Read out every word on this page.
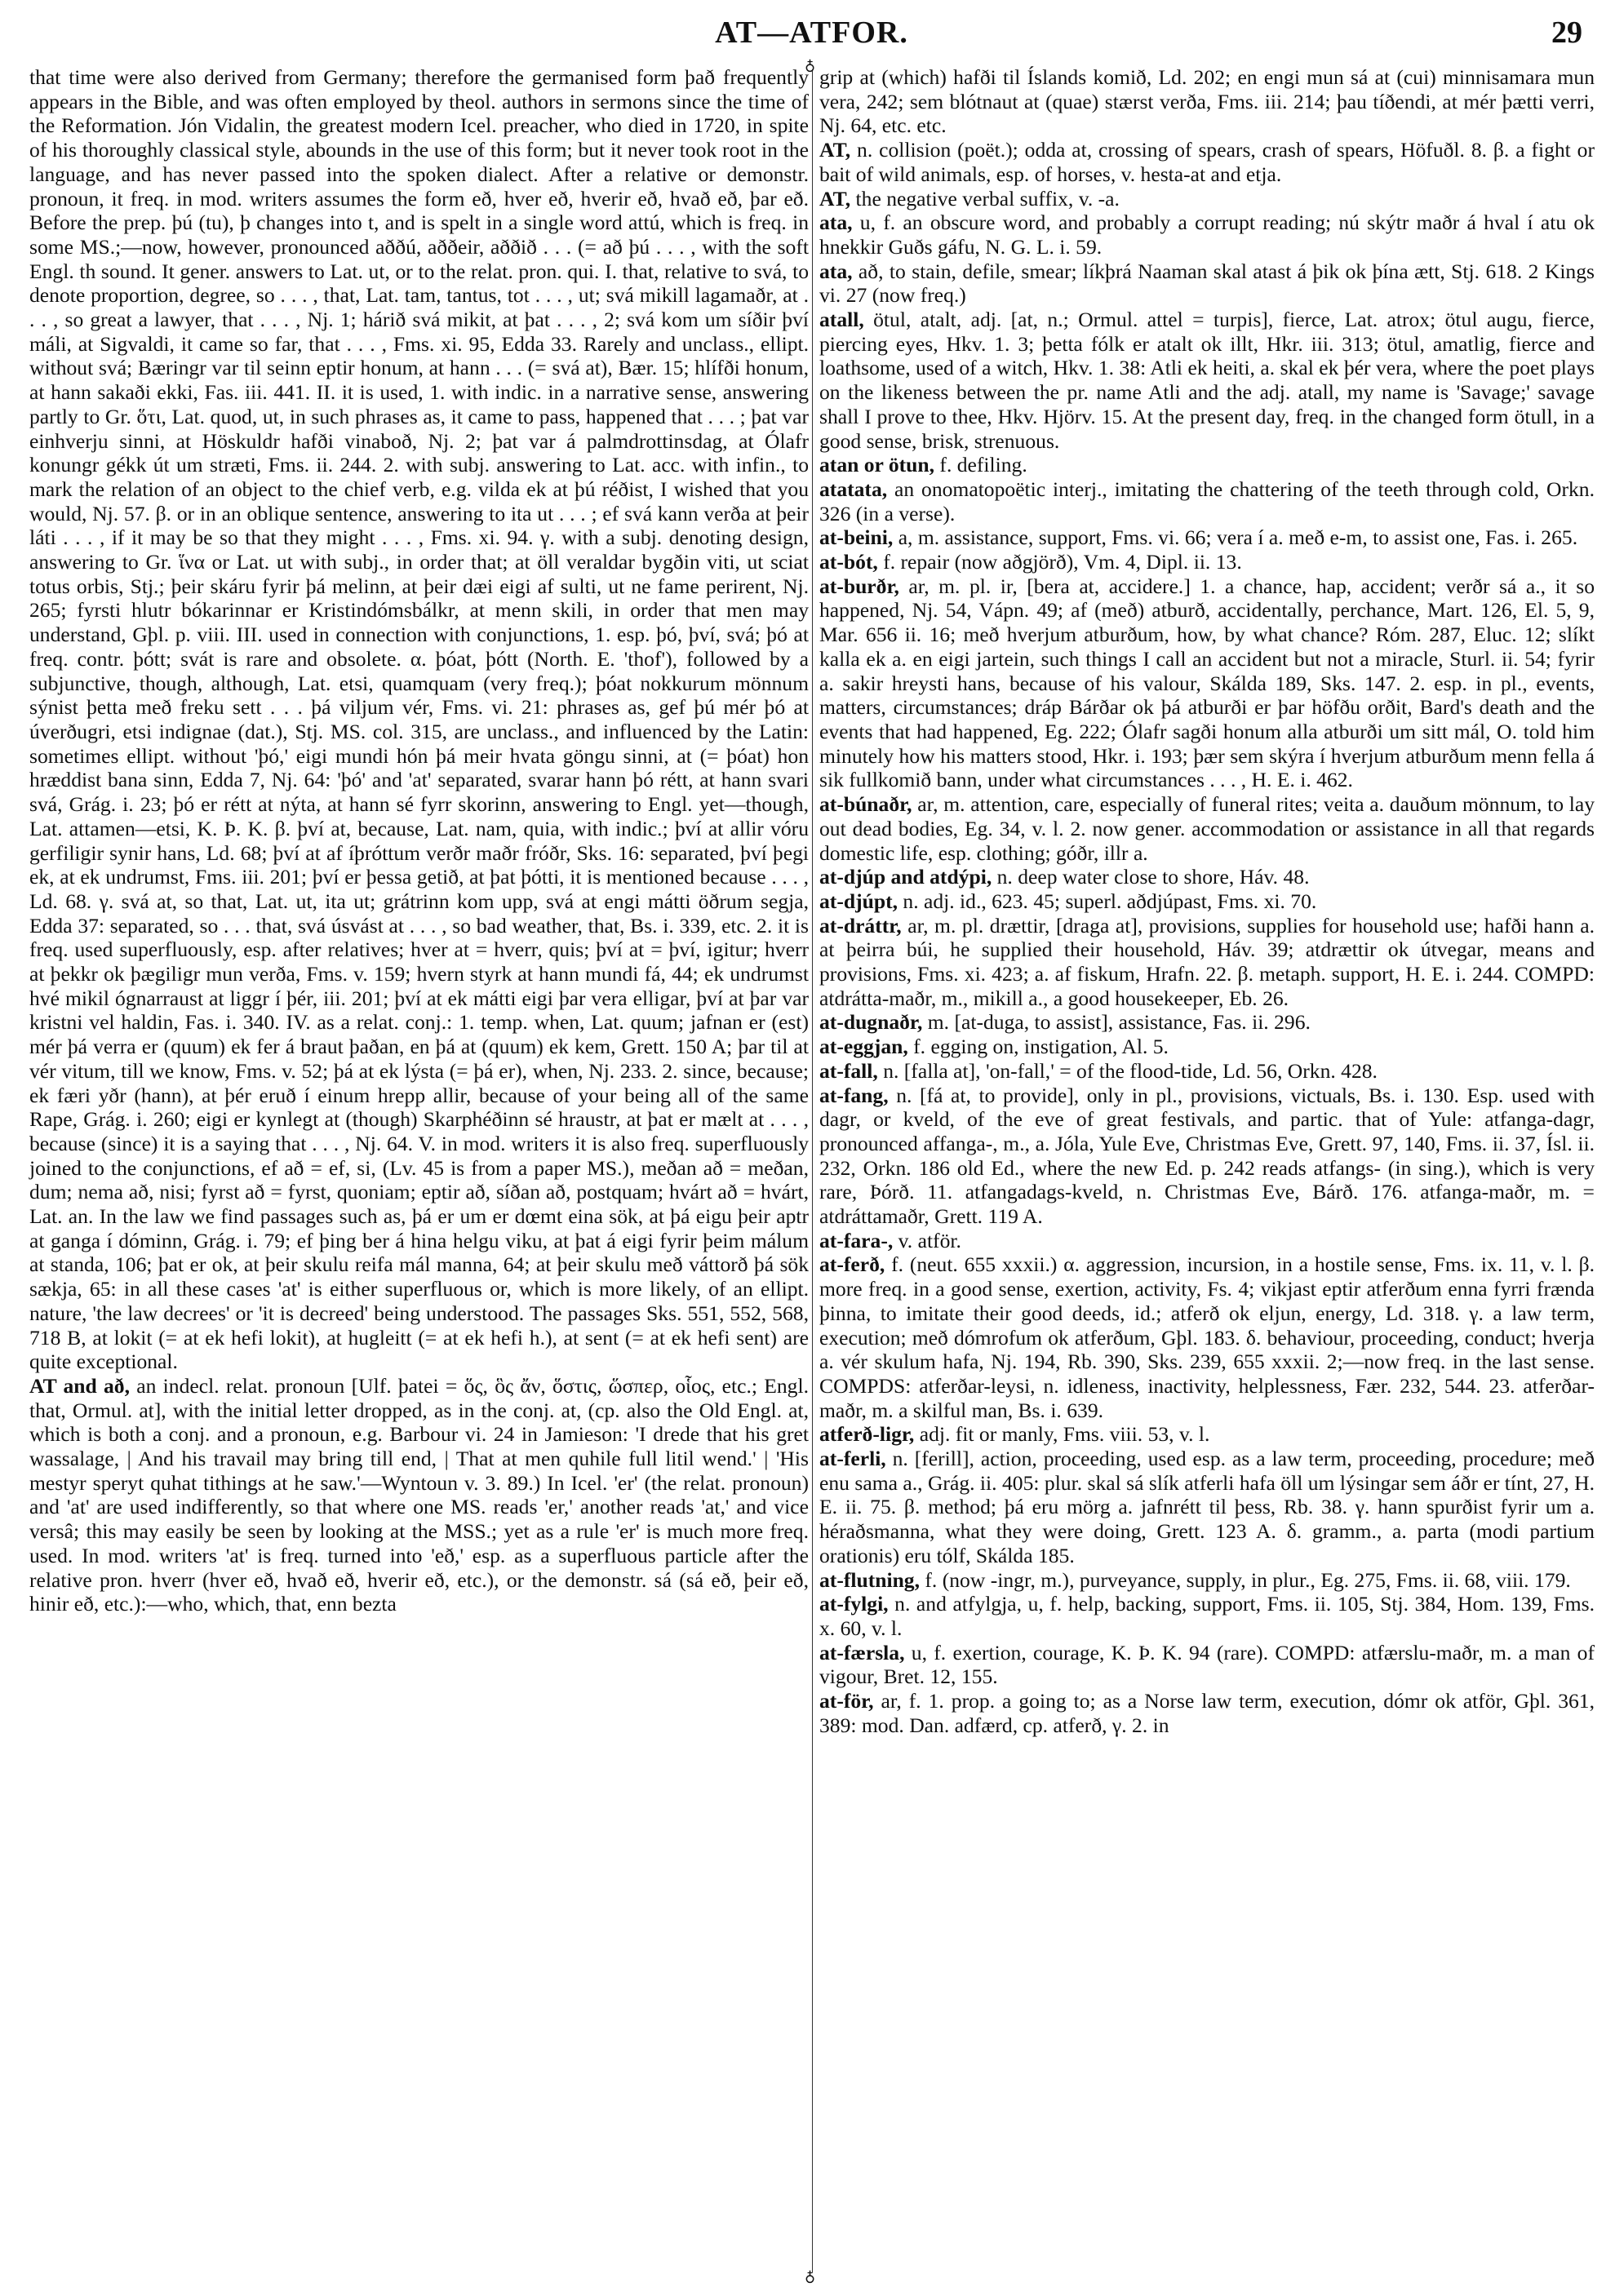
AT—ATFOR.	29

that time were also derived from Germany; therefore the germanised form það frequently appears in the Bible, and was often employed by theol. authors in sermons since the time of the Reformation. Jón Vidalin, the greatest modern Icel. preacher, who died in 1720, in spite of his thoroughly classical style, abounds in the use of this form; but it never took root in the language, and has never passed into the spoken dialect. After a relative or demonstr. pronoun, it freq. in mod. writers assumes the form eð, hver eð, hverir eð, hvað eð, þar eð. Before the prep. þú (tu), þ changes into t, and is spelt in a single word attú, which is freq. in some MS.;—now, however, pronounced aððú, aððeir, aððið . . . (= að þú . . . , with the soft Engl. th sound. It gener. answers to Lat. ut, or to the relat. pron. qui. I. that, relative to svá, to denote proportion, degree, so . . . , that, Lat. tam, tantus, tot . . . , ut; svá mikill lagamaðr, at . . . , so great a lawyer, that . . . , Nj. 1; hárið svá mikit, at þat . . . , 2; svá kom um síðir því máli, at Sigvaldi, it came so far, that . . . , Fms. xi. 95, Edda 33. Rarely and unclass., ellipt. without svá; Bæringr var til seinn eptir honum, at hann . . . (= svá at), Bær. 15; hlífði honum, at hann sakaði ekki, Fas. iii. 441. II. it is used, 1. with indic. in a narrative sense, answering partly to Gr. ὅτι, Lat. quod, ut, in such phrases as, it came to pass, happened that . . . ; þat var einhverju sinni, at Höskuldr hafði vinaboð, Nj. 2; þat var á palmdrottinsdag, at Ólafr konungr gékk út um stræti, Fms. ii. 244. 2. with subj. answering to Lat. acc. with infin., to mark the relation of an object to the chief verb, e.g. vilda ek at þú réðist, I wished that you would, Nj. 57. β. or in an oblique sentence, answering to ita ut . . . ; ef svá kann verða at þeir láti . . . , if it may be so that they might . . . , Fms. xi. 94. γ. with a subj. denoting design, answering to Gr. ἵνα or Lat. ut with subj., in order that; at öll veraldar bygðin viti, ut sciat totus orbis, Stj.; þeir skáru fyrir þá melinn, at þeir dæi eigi af sulti, ut ne fame perirent, Nj. 265; fyrsti hlutr bókarinnar er Kristindómsbálkr, at menn skili, in order that men may understand, Gþl. p. viii. III. used in connection with conjunctions, 1. esp. þó, því, svá; þó at freq. contr. þótt; svát is rare and obsolete. α. þóat, þótt (North. E. 'thof'), followed by a subjunctive, though, although, Lat. etsi, quamquam (very freq.); þóat nokkurum mönnum sýnist þetta með freku sett . . . þá viljum vér, Fms. vi. 21: phrases as, gef þú mér þó at úverðugri, etsi indignae (dat.), Stj. MS. col. 315, are unclass., and influenced by the Latin: sometimes ellipt. without 'þó,' eigi mundi hón þá meir hvata göngu sinni, at (= þóat) hon hræddist bana sinn, Edda 7, Nj. 64: 'þó' and 'at' separated, svarar hann þó rétt, at hann svari svá, Grág. i. 23; þó er rétt at nýta, at hann sé fyrr skorinn, answering to Engl. yet—though, Lat. attamen—etsi, K. Þ. K. β. því at, because, Lat. nam, quia, with indic.; því at allir vóru gerfiligir synir hans, Ld. 68; því at af íþróttum verðr maðr fróðr, Sks. 16: separated, því þegi ek, at ek undrumst, Fms. iii. 201; því er þessa getið, at þat þótti, it is mentioned because . . . , Ld. 68. γ. svá at, so that, Lat. ut, ita ut; grátrinn kom upp, svá at engi mátti öðrum segja, Edda 37: separated, so . . . that, svá úsvást at . . . , so bad weather, that, Bs. i. 339, etc. 2. it is freq. used superfluously, esp. after relatives; hver at = hverr, quis; því at = því, igitur; hverr at þekkr ok þægiligr mun verða, Fms. v. 159; hvern styrk at hann mundi fá, 44; ek undrumst hvé mikil ógnarraust at liggr í þér, iii. 201; því at ek mátti eigi þar vera elligar, því at þar var kristni vel haldin, Fas. i. 340. IV. as a relat. conj.: 1. temp. when, Lat. quum; jafnan er (est) mér þá verra er (quum) ek fer á braut þaðan, en þá at (quum) ek kem, Grett. 150 A; þar til at vér vitum, till we know, Fms. v. 52; þá at ek lýsta (= þá er), when, Nj. 233. 2. since, because; ek færi yðr (hann), at þér eruð í einum hrepp allir, because of your being all of the same Rape, Grág. i. 260; eigi er kynlegt at (though) Skarphéðinn sé hraustr, at þat er mælt at . . . , because (since) it is a saying that . . . , Nj. 64. V. in mod. writers it is also freq. superfluously joined to the conjunctions, ef að = ef, si, (Lv. 45 is from a paper MS.), meðan að = meðan, dum; nema að, nisi; fyrst að = fyrst, quoniam; eptir að, síðan að, postquam; hvárt að = hvárt, Lat. an. In the law we find passages such as, þá er um er dœmt eina sök, at þá eigu þeir aptr at ganga í dóminn, Grág. i. 79; ef þing ber á hina helgu viku, at þat á eigi fyrir þeim málum at standa, 106; þat er ok, at þeir skulu reifa mál manna, 64; at þeir skulu með váttorð þá sök sækja, 65: in all these cases 'at' is either superfluous or, which is more likely, of an ellipt. nature, 'the law decrees' or 'it is decreed' being understood. The passages Sks. 551, 552, 568, 718 B, at lokit (= at ek hefi lokit), at hugleitt (= at ek hefi h.), at sent (= at ek hefi sent) are quite exceptional.

AT and að, an indecl. relat. pronoun [Ulf. þatei = ὅς, ὃς ἄν, ὅστις, ὥσπερ, οἷος, etc.; Engl. that, Ormul. at], with the initial letter dropped, as in the conj. at, (cp. also the Old Engl. at, which is both a conj. and a pronoun, e.g. Barbour vi. 24 in Jamieson: 'I drede that his gret wassalage, | And his travail may bring till end, | That at men quhile full litil wend.' | 'His mestyr speryt quhat tithings at he saw.'—Wyntoun v. 3. 89.) In Icel. 'er' (the relat. pronoun) and 'at' are used indifferently, so that where one MS. reads 'er,' another reads 'at,' and vice versâ; this may easily be seen by looking at the MSS.; yet as a rule 'er' is much more freq. used. In mod. writers 'at' is freq. turned into 'eð,' esp. as a superfluous particle after the relative pron. hverr (hver eð, hvað eð, hverir eð, etc.), or the demonstr. sá (sá eð, þeir eð, hinir eð, etc.):—who, which, that, enn bezta

♁
♁

grip at (which) hafði til Íslands komið, Ld. 202; en engi mun sá at (cui) minnisamara mun vera, 242; sem blótnaut at (quae) stærst verða, Fms. iii. 214; þau tíðendi, at mér þætti verri, Nj. 64, etc. etc.

AT, n. collision (poët.); odda at, crossing of spears, crash of spears, Höfuðl. 8. β. a fight or bait of wild animals, esp. of horses, v. hesta-at and etja.

AT, the negative verbal suffix, v. -a.

ata, u, f. an obscure word, and probably a corrupt reading; nú skýtr maðr á hval í atu ok hnekkir Guðs gáfu, N. G. L. i. 59.

ata, að, to stain, defile, smear; líkþrá Naaman skal atast á þik ok þína ætt, Stj. 618. 2 Kings vi. 27 (now freq.)

atall, ötul, atalt, adj. [at, n.; Ormul. attel = turpis], fierce, Lat. atrox; ötul augu, fierce, piercing eyes, Hkv. 1. 3; þetta fólk er atalt ok illt, Hkr. iii. 313; ötul, amatlig, fierce and loathsome, used of a witch, Hkv. 1. 38: Atli ek heiti, a. skal ek þér vera, where the poet plays on the likeness between the pr. name Atli and the adj. atall, my name is 'Savage;' savage shall I prove to thee, Hkv. Hjörv. 15. At the present day, freq. in the changed form ötull, in a good sense, brisk, strenuous.

atan or ötun, f. defiling.

atatata, an onomatopoëtic interj., imitating the chattering of the teeth through cold, Orkn. 326 (in a verse).

at-beini, a, m. assistance, support, Fms. vi. 66; vera í a. með e-m, to assist one, Fas. i. 265.

at-bót, f. repair (now aðgjörð), Vm. 4, Dipl. ii. 13.

at-burðr, ar, m. pl. ir, [bera at, accidere.] 1. a chance, hap, accident; verðr sá a., it so happened, Nj. 54, Vápn. 49; af (með) atburð, accidentally, perchance, Mart. 126, El. 5, 9, Mar. 656 ii. 16; með hverjum atburðum, how, by what chance? Róm. 287, Eluc. 12; slíkt kalla ek a. en eigi jartein, such things I call an accident but not a miracle, Sturl. ii. 54; fyrir a. sakir hreysti hans, because of his valour, Skálda 189, Sks. 147. 2. esp. in pl., events, matters, circumstances; dráp Bárðar ok þá atburði er þar höfðu orðit, Bard's death and the events that had happened, Eg. 222; Ólafr sagði honum alla atburði um sitt mál, O. told him minutely how his matters stood, Hkr. i. 193; þær sem skýra í hverjum atburðum menn fella á sik fullkomið bann, under what circumstances . . . , H. E. i. 462.

at-búnaðr, ar, m. attention, care, especially of funeral rites; veita a. dauðum mönnum, to lay out dead bodies, Eg. 34, v. l. 2. now gener. accommodation or assistance in all that regards domestic life, esp. clothing; góðr, illr a.

at-djúp and atdýpi, n. deep water close to shore, Háv. 48.

at-djúpt, n. adj. id., 623. 45; superl. aðdjúpast, Fms. xi. 70.

at-dráttr, ar, m. pl. drættir, [draga at], provisions, supplies for household use; hafði hann a. at þeirra búi, he supplied their household, Háv. 39; atdrættir ok útvegar, means and provisions, Fms. xi. 423; a. af fiskum, Hrafn. 22. β. metaph. support, H. E. i. 244. COMPD: atdrátta-maðr, m., mikill a., a good housekeeper, Eb. 26.

at-dugnaðr, m. [at-duga, to assist], assistance, Fas. ii. 296.

at-eggjan, f. egging on, instigation, Al. 5.

at-fall, n. [falla at], 'on-fall,' = of the flood-tide, Ld. 56, Orkn. 428.

at-fang, n. [fá at, to provide], only in pl., provisions, victuals, Bs. i. 130. Esp. used with dagr, or kveld, of the eve of great festivals, and partic. that of Yule: atfanga-dagr, pronounced affanga-, m., a. Jóla, Yule Eve, Christmas Eve, Grett. 97, 140, Fms. ii. 37, Ísl. ii. 232, Orkn. 186 old Ed., where the new Ed. p. 242 reads atfangs- (in sing.), which is very rare, Þórð. 11. atfangadags-kveld, n. Christmas Eve, Bárð. 176. atfanga-maðr, m. = atdráttamaðr, Grett. 119 A.

at-fara-, v. atför.

at-ferð, f. (neut. 655 xxxii.) α. aggression, incursion, in a hostile sense, Fms. ix. 11, v. l. β. more freq. in a good sense, exertion, activity, Fs. 4; vikjast eptir atferðum enna fyrri frænda þinna, to imitate their good deeds, id.; atferð ok eljun, energy, Ld. 318. γ. a law term, execution; með dómrofum ok atferðum, Gþl. 183. δ. behaviour, proceeding, conduct; hverja a. vér skulum hafa, Nj. 194, Rb. 390, Sks. 239, 655 xxxii. 2;—now freq. in the last sense. COMPDS: atferðar-leysi, n. idleness, inactivity, helplessness, Fær. 232, 544. 23. atferðar-maðr, m. a skilful man, Bs. i. 639.

atferð-ligr, adj. fit or manly, Fms. viii. 53, v. l.

at-ferli, n. [ferill], action, proceeding, used esp. as a law term, proceeding, procedure; með enu sama a., Grág. ii. 405: plur. skal sá slík atferli hafa öll um lýsingar sem áðr er tínt, 27, H. E. ii. 75. β. method; þá eru mörg a. jafnrétt til þess, Rb. 38. γ. hann spurðist fyrir um a. héraðsmanna, what they were doing, Grett. 123 A. δ. gramm., a. parta (modi partium orationis) eru tólf, Skálda 185.

at-flutning, f. (now -ingr, m.), purveyance, supply, in plur., Eg. 275, Fms. ii. 68, viii. 179.

at-fylgi, n. and atfylgja, u, f. help, backing, support, Fms. ii. 105, Stj. 384, Hom. 139, Fms. x. 60, v. l.

at-færsla, u, f. exertion, courage, K. Þ. K. 94 (rare). COMPD: atfærslu-maðr, m. a man of vigour, Bret. 12, 155.

at-för, ar, f. 1. prop. a going to; as a Norse law term, execution, dómr ok atför, Gþl. 361, 389: mod. Dan. adfærd, cp. atferð, γ. 2. in
